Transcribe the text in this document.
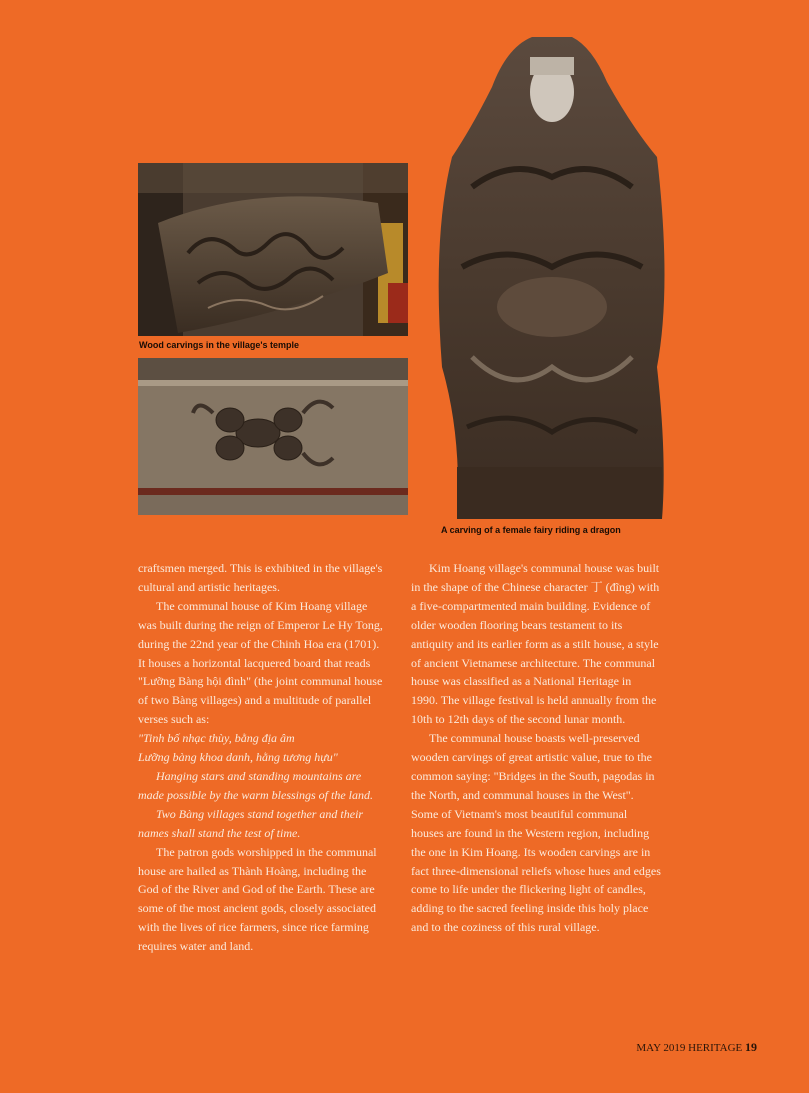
Wood carvings in the village's temple
A carving of a female fairy riding a dragon

craftsmen merged. This is exhibited in the village's cultural and artistic heritages.

The communal house of Kim Hoang village was built during the reign of Emperor Le Hy Tong, during the 22nd year of the Chinh Hoa era (1701). It houses a horizontal lacquered board that reads "Lưỡng Bàng hội đình" (the joint communal house of two Bàng villages) and a multitude of parallel verses such as:

"Tinh bố nhạc thùy, bằng địa âm

Lưỡng bàng khoa danh, hằng tương hựu"

Hanging stars and standing mountains are made possible by the warm blessings of the land.

Two Bàng villages stand together and their names shall stand the test of time.

The patron gods worshipped in the communal house are hailed as Thành Hoàng, including the God of the River and God of the Earth. These are some of the most ancient gods, closely associated with the lives of rice farmers, since rice farming requires water and land.

Kim Hoang village's communal house was built in the shape of the Chinese character 丁 (đĩng) with a five-compartmented main building. Evidence of older wooden flooring bears testament to its antiquity and its earlier form as a stilt house, a style of ancient Vietnamese architecture. The communal house was classified as a National Heritage in 1990. The village festival is held annually from the 10th to 12th days of the second lunar month.

The communal house boasts well-preserved wooden carvings of great artistic value, true to the common saying: "Bridges in the South, pagodas in the North, and communal houses in the West". Some of Vietnam's most beautiful communal houses are found in the Western region, including the one in Kim Hoang. Its wooden carvings are in fact three-dimensional reliefs whose hues and edges come to life under the flickering light of candles, adding to the sacred feeling inside this holy place and to the coziness of this rural village.

MAY 2019 HERITAGE 19
